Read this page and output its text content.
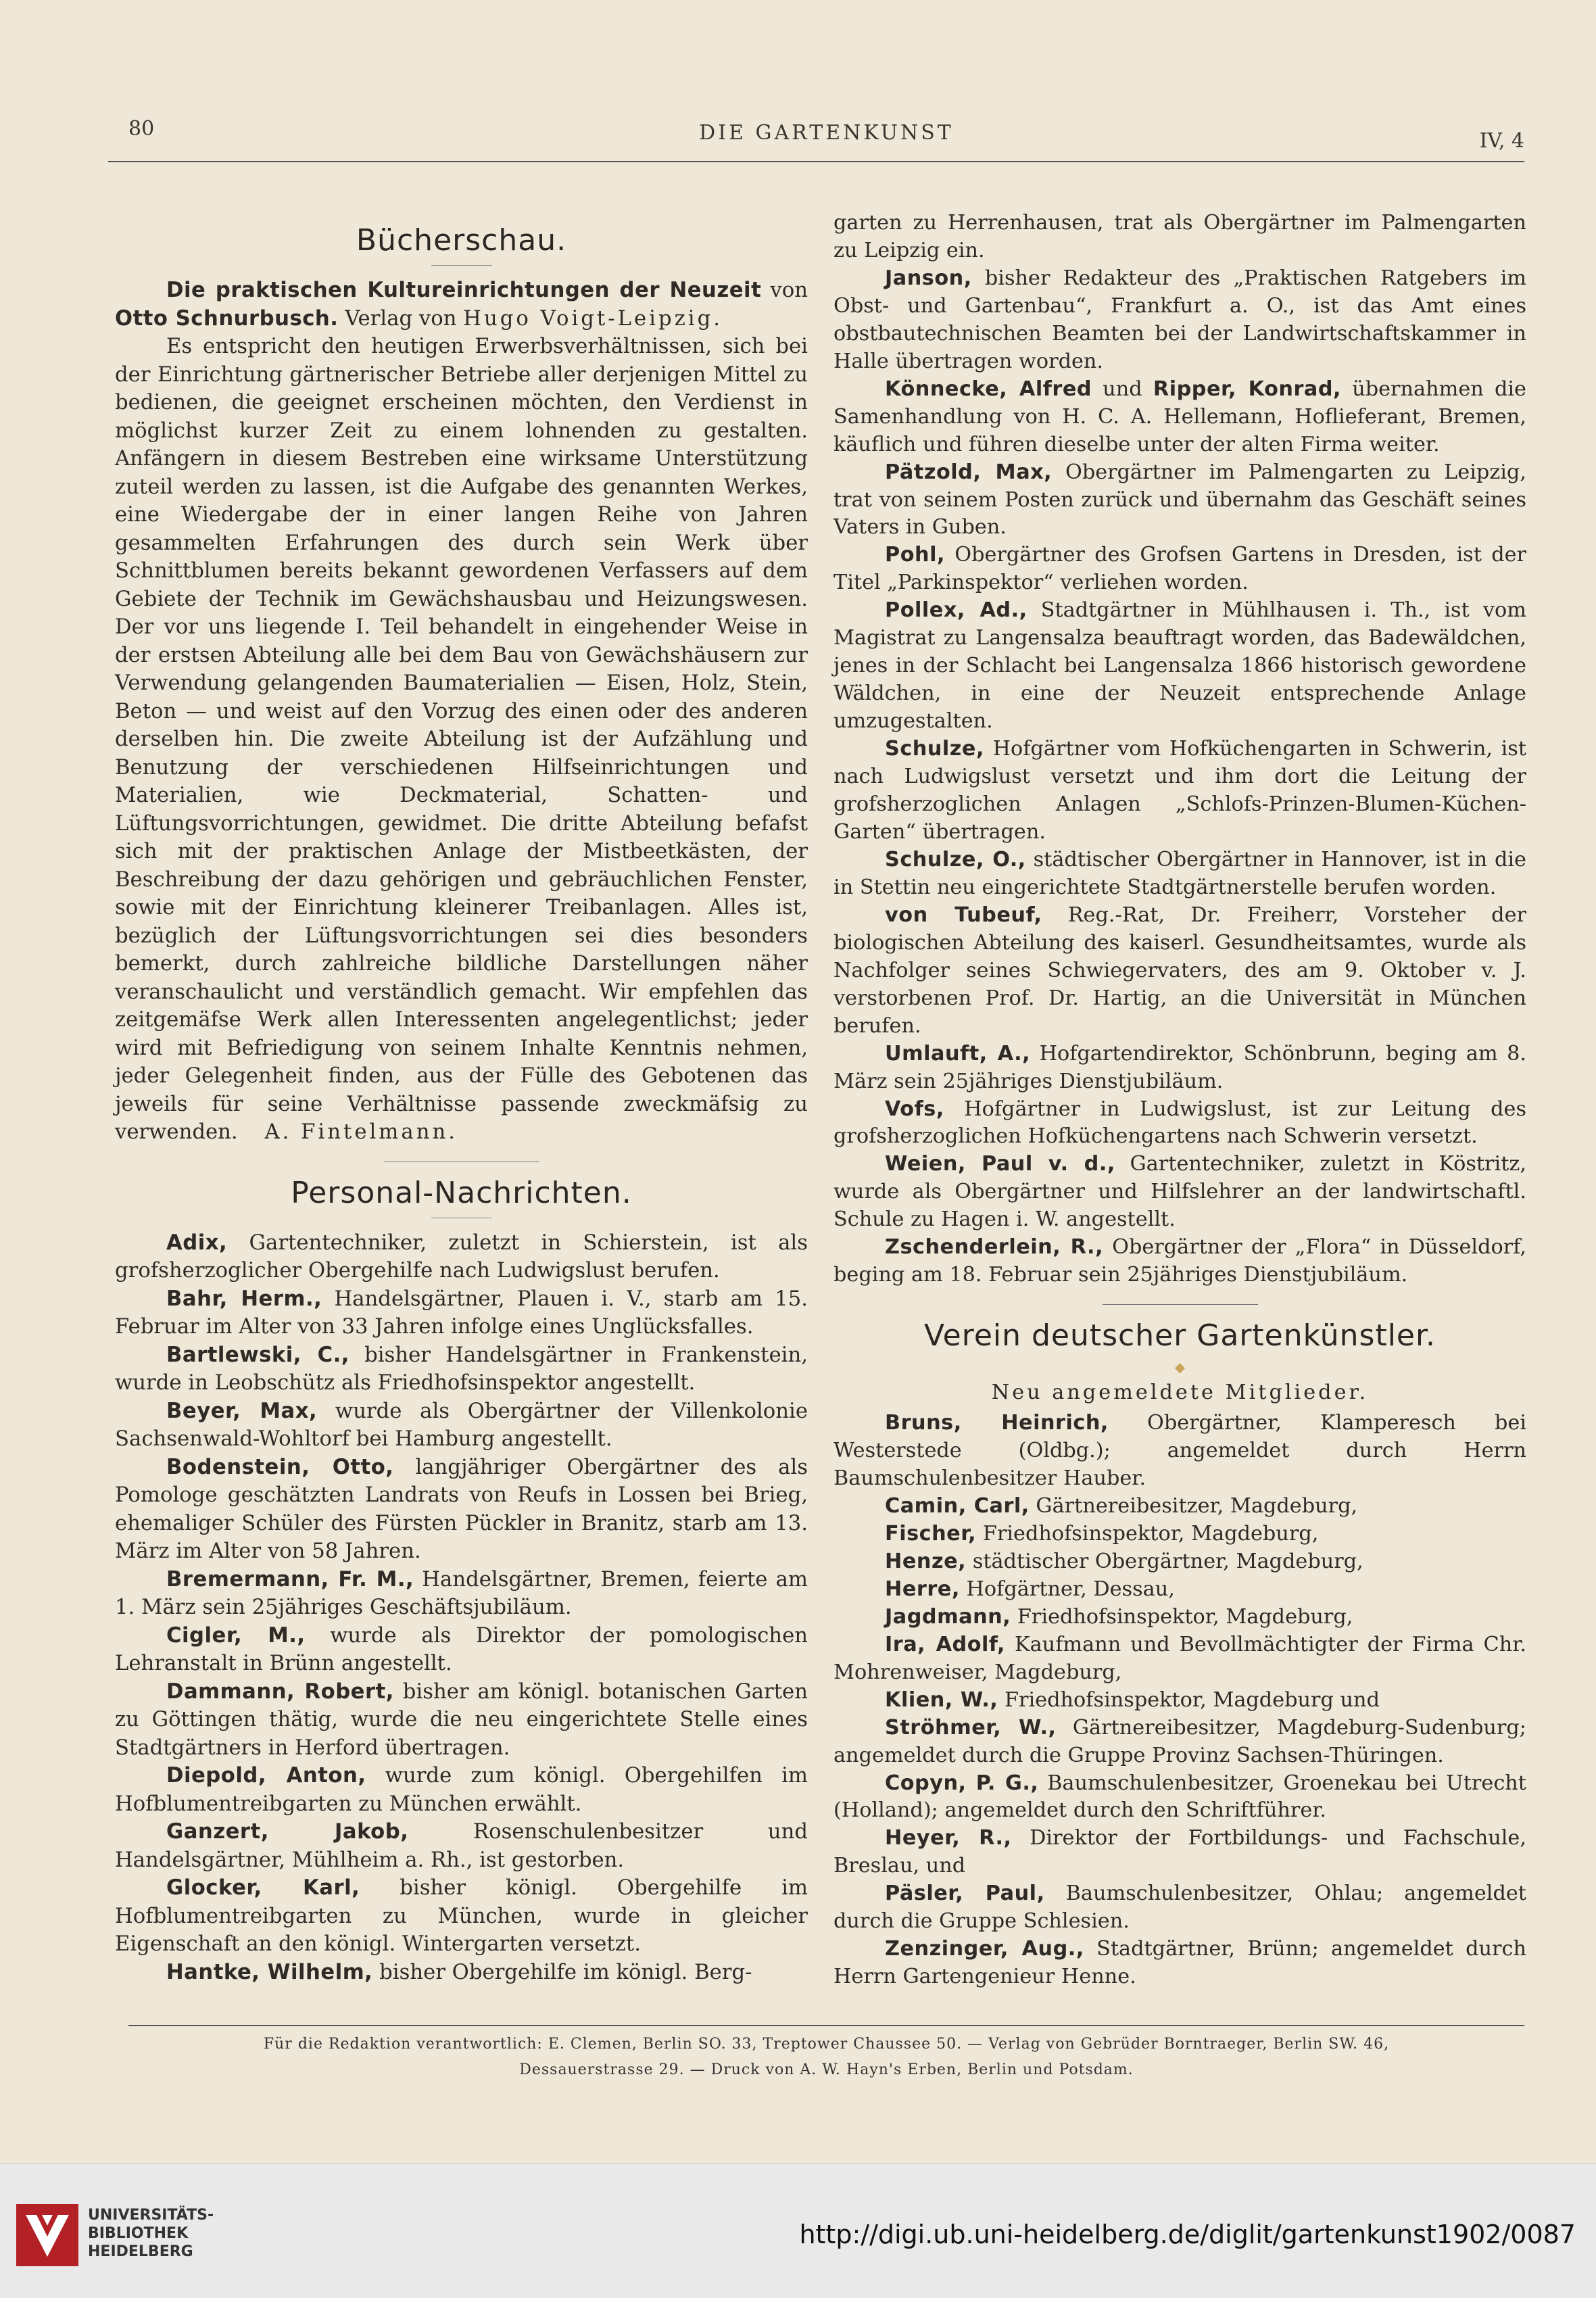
80	DIE GARTENKUNST	IV, 4
Bücherschau.

Die praktischen Kultureinrichtungen der Neuzeit von Otto Schnurbusch. Verlag von Hugo Voigt-Leipzig.

Es entspricht den heutigen Erwerbsverhältnissen, sich bei der Einrichtung gärtnerischer Betriebe aller derjenigen Mittel zu bedienen, die geeignet erscheinen möchten, den Verdienst in möglichst kurzer Zeit zu einem lohnenden zu gestalten. Anfängern in diesem Bestreben eine wirksame Unterstützung zuteil werden zu lassen, ist die Aufgabe des genannten Werkes, eine Wiedergabe der in einer langen Reihe von Jahren gesammelten Erfahrungen des durch sein Werk über Schnittblumen bereits bekannt gewordenen Verfassers auf dem Gebiete der Technik im Gewächshausbau und Heizungswesen. Der vor uns liegende I. Teil behandelt in eingehender Weise in der erstsen Abteilung alle bei dem Bau von Gewächshäusern zur Verwendung gelangenden Baumaterialien — Eisen, Holz, Stein, Beton — und weist auf den Vorzug des einen oder des anderen derselben hin. Die zweite Abteilung ist der Aufzählung und Benutzung der verschiedenen Hilfseinrichtungen und Materialien, wie Deckmaterial, Schatten- und Lüftungsvorrichtungen, gewidmet. Die dritte Abteilung befafst sich mit der praktischen Anlage der Mistbeetkästen, der Beschreibung der dazu gehörigen und gebräuchlichen Fenster, sowie mit der Einrichtung kleinerer Treibanlagen. Alles ist, bezüglich der Lüftungsvorrichtungen sei dies besonders bemerkt, durch zahlreiche bildliche Darstellungen näher veranschaulicht und verständlich gemacht. Wir empfehlen das zeitgemäfse Werk allen Interessenten angelegentlichst; jeder wird mit Befriedigung von seinem Inhalte Kenntnis nehmen, jeder Gelegenheit finden, aus der Fülle des Gebotenen das jeweils für seine Verhältnisse passende zweckmäfsig zu verwenden. A. Fintelmann.

Personal-Nachrichten.

Adix, Gartentechniker, zuletzt in Schierstein, ist als grofsherzoglicher Obergehilfe nach Ludwigslust berufen.

Bahr, Herm., Handelsgärtner, Plauen i. V., starb am 15. Februar im Alter von 33 Jahren infolge eines Unglücksfalles.

Bartlewski, C., bisher Handelsgärtner in Frankenstein, wurde in Leobschütz als Friedhofsinspektor angestellt.

Beyer, Max, wurde als Obergärtner der Villenkolonie Sachsenwald-Wohltorf bei Hamburg angestellt.

Bodenstein, Otto, langjähriger Obergärtner des als Pomologe geschätzten Landrats von Reufs in Lossen bei Brieg, ehemaliger Schüler des Fürsten Pückler in Branitz, starb am 13. März im Alter von 58 Jahren.

Bremermann, Fr. M., Handelsgärtner, Bremen, feierte am 1. März sein 25jähriges Geschäftsjubiläum.

Cigler, M., wurde als Direktor der pomologischen Lehranstalt in Brünn angestellt.

Dammann, Robert, bisher am königl. botanischen Garten zu Göttingen thätig, wurde die neu eingerichtete Stelle eines Stadtgärtners in Herford übertragen.

Diepold, Anton, wurde zum königl. Obergehilfen im Hofblumentreibgarten zu München erwählt.

Ganzert, Jakob,	Rosenschulenbesitzer und Handelsgärtner, Mühlheim a. Rh., ist gestorben.

Glocker, Karl, bisher königl. Obergehilfe im Hofblumentreibgarten zu München, wurde in gleicher Eigenschaft an den königl. Wintergarten versetzt.

Hantke, Wilhelm, bisher Obergehilfe im königl. Berg-

garten zu Herrenhausen, trat als Obergärtner im Palmengarten zu Leipzig ein.

Janson, bisher Redakteur des „Praktischen Ratgebers im Obst- und Gartenbau“, Frankfurt a. O., ist das Amt eines obstbautechnischen Beamten bei der Landwirtschaftskammer in Halle übertragen worden.

Könnecke, Alfred und Ripper, Konrad, übernahmen die Samenhandlung von H. C. A. Hellemann, Hoflieferant, Bremen, käuflich und führen dieselbe unter der alten Firma weiter.

Pätzold, Max, Obergärtner im Palmengarten zu Leipzig, trat von seinem Posten zurück und übernahm das Geschäft seines Vaters in Guben.

Pohl, Obergärtner des Grofsen Gartens in Dresden, ist der Titel „Parkinspektor“ verliehen worden.

Pollex, Ad., Stadtgärtner in Mühlhausen i. Th., ist vom Magistrat zu Langensalza beauftragt worden, das Badewäldchen, jenes in der Schlacht bei Langensalza 1866 historisch gewordene Wäldchen, in eine der Neuzeit entsprechende Anlage umzugestalten.

Schulze, Hofgärtner vom Hofküchengarten in Schwerin, ist nach Ludwigslust versetzt und ihm dort die Leitung der grofsherzoglichen Anlagen „Schlofs-Prinzen-Blumen-Küchen-Garten“ übertragen.

Schulze, O., städtischer Obergärtner in Hannover, ist in die in Stettin neu eingerichtete Stadtgärtnerstelle berufen worden.

von Tubeuf, Reg.-Rat, Dr. Freiherr, Vorsteher der biologischen Abteilung des kaiserl. Gesundheitsamtes, wurde als Nachfolger seines Schwiegervaters, des am 9. Oktober v. J. verstorbenen Prof. Dr. Hartig, an die Universität in München berufen.

Umlauft, A., Hofgartendirektor, Schönbrunn, beging am 8. März sein 25jähriges Dienstjubiläum.

Vofs, Hofgärtner in Ludwigslust, ist zur Leitung des grofsherzoglichen Hofküchengartens nach Schwerin versetzt.

Weien, Paul v. d., Gartentechniker, zuletzt in Köstritz, wurde als Obergärtner und Hilfslehrer an der landwirtschaftl. Schule zu Hagen i. W. angestellt.

Zschenderlein, R., Obergärtner der „Flora“ in Düsseldorf, beging am 18. Februar sein 25jähriges Dienstjubiläum.

Verein deutscher Gartenkünstler.
◆
Neu angemeldete Mitglieder.

Bruns, Heinrich, Obergärtner, Klamperesch bei Westerstede (Oldbg.); angemeldet durch Herrn Baumschulenbesitzer Hauber.

Camin, Carl, Gärtnereibesitzer, Magdeburg,

Fischer, Friedhofsinspektor, Magdeburg,

Henze, städtischer Obergärtner, Magdeburg,

Herre, Hofgärtner, Dessau,

Jagdmann, Friedhofsinspektor, Magdeburg,

Ira, Adolf, Kaufmann und Bevollmächtigter der Firma Chr. Mohrenweiser, Magdeburg,

Klien, W., Friedhofsinspektor, Magdeburg und

Ströhmer, W., Gärtnereibesitzer, Magdeburg-Sudenburg; angemeldet durch die Gruppe Provinz Sachsen-Thüringen.

Copyn, P. G., Baumschulenbesitzer, Groenekau bei Utrecht (Holland); angemeldet durch den Schriftführer.

Heyer, R., Direktor der Fortbildungs- und Fachschule, Breslau, und

Päsler, Paul, Baumschulenbesitzer, Ohlau; angemeldet durch die Gruppe Schlesien.

Zenzinger, Aug., Stadtgärtner, Brünn; angemeldet durch Herrn Gartengenieur Henne.

Für die Redaktion verantwortlich: E. Clemen, Berlin SO. 33, Treptower Chaussee 50. — Verlag von Gebrüder Borntraeger, Berlin SW. 46,
Dessauerstrasse 29. — Druck von A. W. Hayn's Erben, Berlin und Potsdam.
UNIVERSITÄTS-
BIBLIOTHEK
HEIDELBERG
http://digi.ub.uni-heidelberg.de/diglit/gartenkunst1902/0087
